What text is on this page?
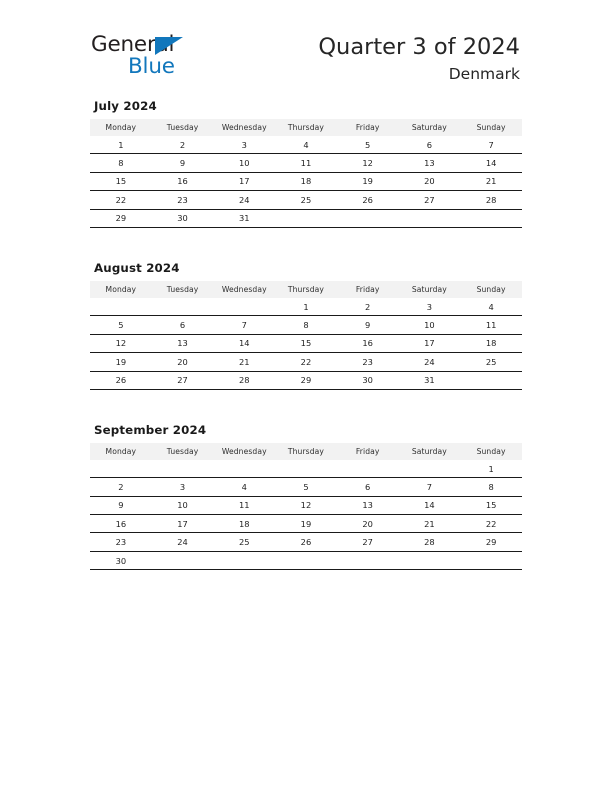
General
Blue
Quarter 3 of 2024
Denmark
July 2024
Monday	Tuesday	Wednesday	Thursday	Friday	Saturday	Sunday
1	2	3	4	5	6	7
8	9	10	11	12	13	14
15	16	17	18	19	20	21
22	23	24	25	26	27	28
29	30	31				
August 2024
Monday	Tuesday	Wednesday	Thursday	Friday	Saturday	Sunday
			1	2	3	4
5	6	7	8	9	10	11
12	13	14	15	16	17	18
19	20	21	22	23	24	25
26	27	28	29	30	31	
September 2024
Monday	Tuesday	Wednesday	Thursday	Friday	Saturday	Sunday
						1
2	3	4	5	6	7	8
9	10	11	12	13	14	15
16	17	18	19	20	21	22
23	24	25	26	27	28	29
30						
